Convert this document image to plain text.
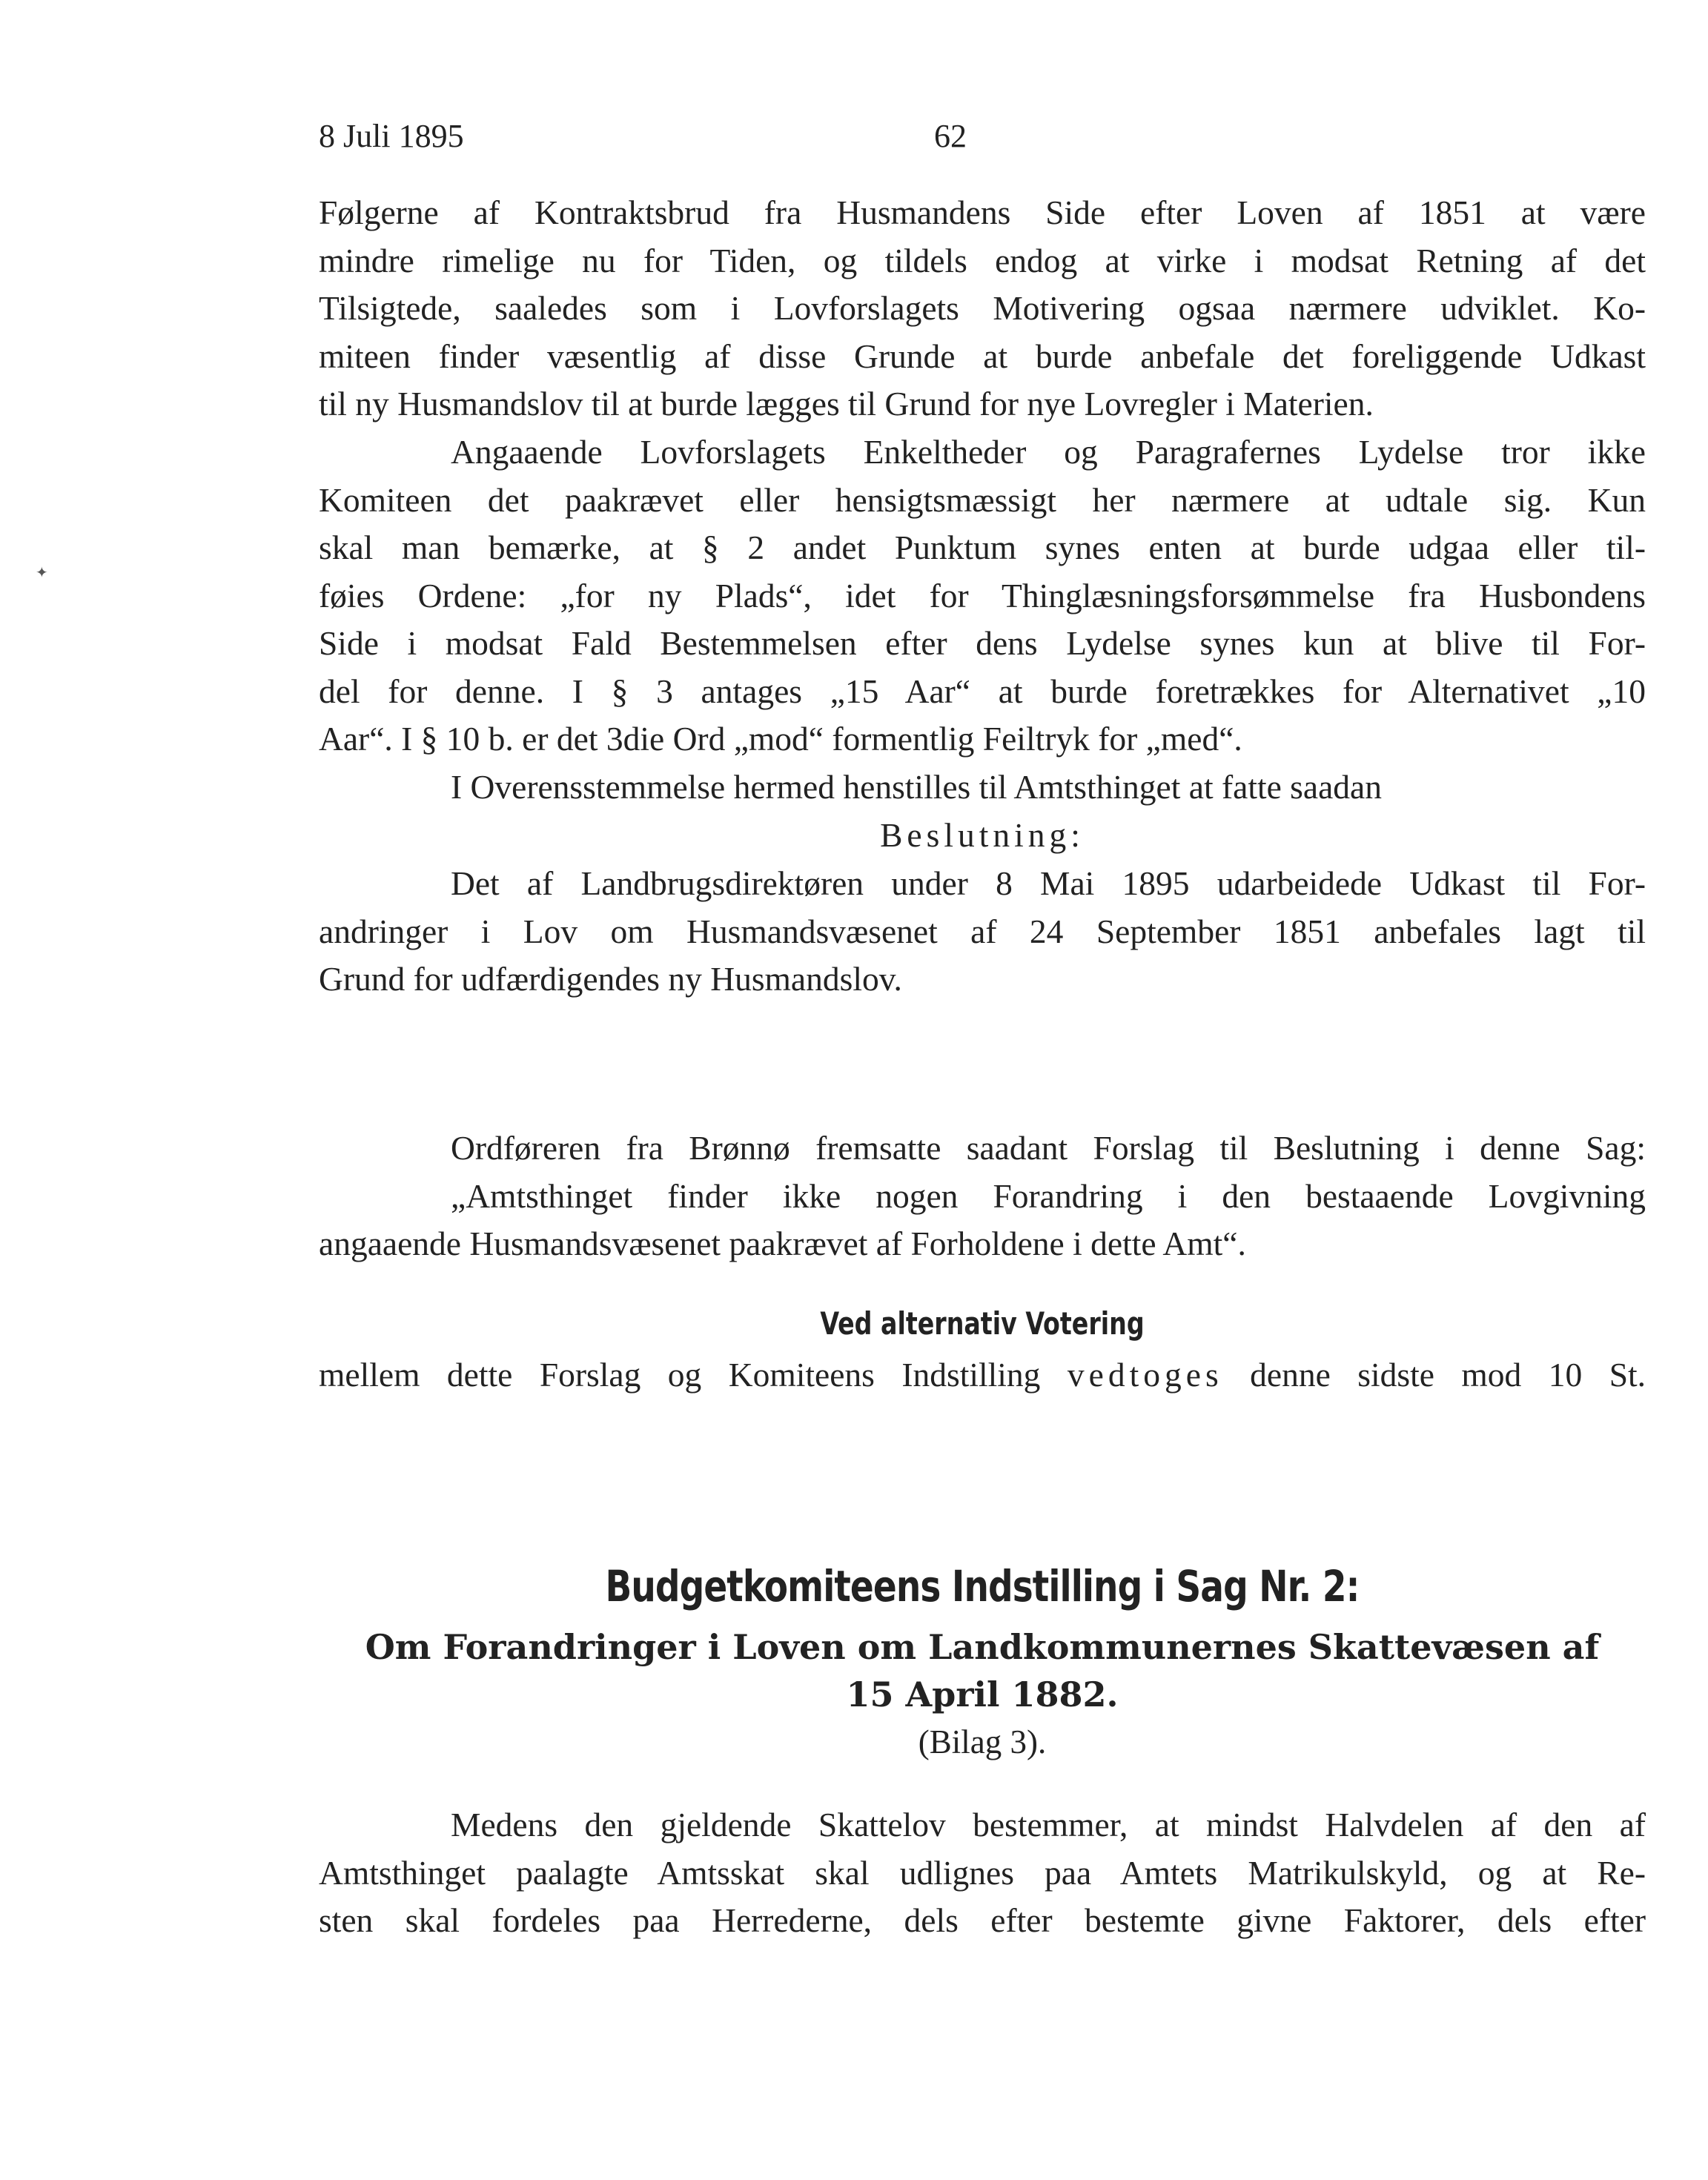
✦
8 Juli 1895	62
Følgerne af Kontraktsbrud fra Husmandens Side efter Loven af 1851 at være
mindre rimelige nu for Tiden, og tildels endog at virke i modsat Retning af det
Tilsigtede, saaledes som i Lovforslagets Motivering ogsaa nærmere udviklet. Ko-
miteen finder væsentlig af disse Grunde at burde anbefale det foreliggende Udkast
til ny Husmandslov til at burde lægges til Grund for nye Lovregler i Materien.
Angaaende Lovforslagets Enkeltheder og Paragrafernes Lydelse tror ikke
Komiteen det paakrævet eller hensigtsmæssigt her nærmere at udtale sig. Kun
skal man bemærke, at § 2 andet Punktum synes enten at burde udgaa eller til-
føies Ordene: „for ny Plads“, idet for Thinglæsningsforsømmelse fra Husbondens
Side i modsat Fald Bestemmelsen efter dens Lydelse synes kun at blive til For-
del for denne. I § 3 antages „15 Aar“ at burde foretrækkes for Alternativet „10
Aar“. I § 10 b. er det 3die Ord „mod“ formentlig Feiltryk for „med“.
I Overensstemmelse hermed henstilles til Amtsthinget at fatte saadan
Beslutning:
Det af Landbrugsdirektøren under 8 Mai 1895 udarbeidede Udkast til For-
andringer i Lov om Husmandsvæsenet af 24 September 1851 anbefales lagt til
Grund for udfærdigendes ny Husmandslov.
Ordføreren fra Brønnø fremsatte saadant Forslag til Beslutning i denne Sag:
„Amtsthinget finder ikke nogen Forandring i den bestaaende Lovgivning
angaaende Husmandsvæsenet paakrævet af Forholdene i dette Amt“.
Ved alternativ Votering
mellem dette Forslag og Komiteens Indstilling vedtoges denne sidste mod 10 St.
Budgetkomiteens Indstilling i Sag Nr. 2:
Om Forandringer i Loven om Landkommunernes Skattevæsen af
15 April 1882.
(Bilag 3).
Medens den gjeldende Skattelov bestemmer, at mindst Halvdelen af den af
Amtsthinget paalagte Amtsskat skal udlignes paa Amtets Matrikulskyld, og at Re-
sten skal fordeles paa Herrederne, dels efter bestemte givne Faktorer, dels efter
